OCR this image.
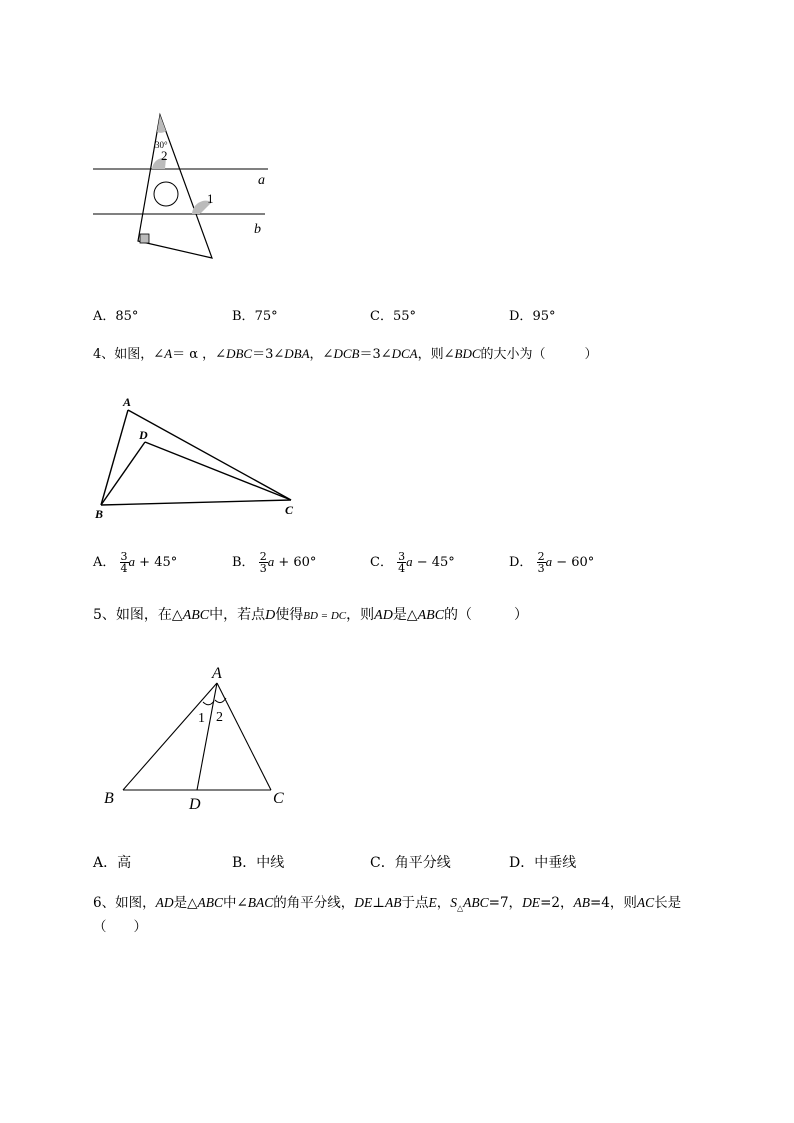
30°
2
1
a
b
A．85°	B．75°	C．55°	D．95°
4、如图，∠A＝ α ，∠DBC＝3∠DBA，∠DCB＝3∠DCA，则∠BDC的大小为（　　　）
A
D
B	C
A． $\frac{3}{4}$ a + 45°	B． $\frac{2}{3}$ a + 60°	C． $\frac{3}{4}$ a − 45°	D． $\frac{2}{3}$ a − 60°
5、如图，在△ABC中，若点D使得BD = DC，则AD是△ABC的（　　　）
A
1 2
B	D	C
A．高	B．中线	C．角平分线	D．中垂线
6、如图，AD是△ABC中∠BAC的角平分线，DE⊥AB于点E，$S_\triangle ABC=7$，DE=2，AB=4，则AC长是
（　　）
